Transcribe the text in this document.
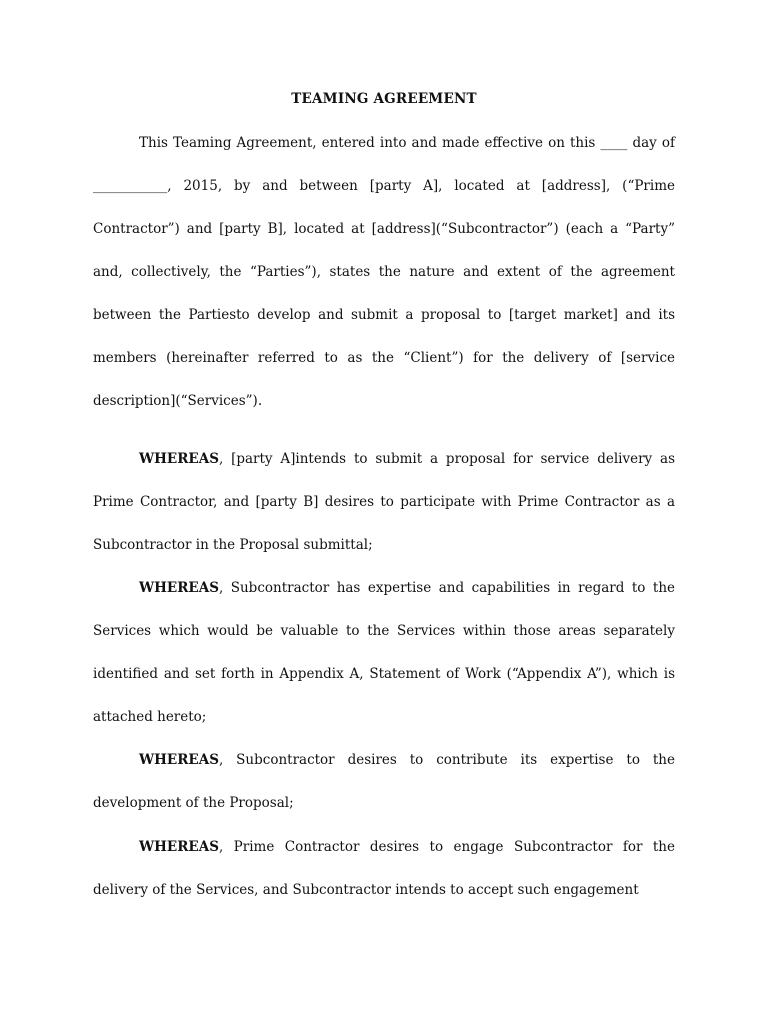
TEAMING AGREEMENT

This Teaming Agreement, entered into and made effective on this ____ day of ___________, 2015, by and between [party A], located at [address], (“Prime Contractor”) and [party B], located at [address](“Subcontractor”) (each a “Party” and, collectively, the “Parties”), states the nature and extent of the agreement between the Partiesto develop and submit a proposal to [target market] and its members (hereinafter referred to as the “Client”) for the delivery of [service description](“Services”).

WHEREAS, [party A]intends to submit a proposal for service delivery as Prime Contractor, and [party B] desires to participate with Prime Contractor as a Subcontractor in the Proposal submittal;

WHEREAS, Subcontractor has expertise and capabilities in regard to the Services which would be valuable to the Services within those areas separately identified and set forth in Appendix A, Statement of Work (“Appendix A”), which is attached hereto;

WHEREAS, Subcontractor desires to contribute its expertise to the development of the Proposal;

WHEREAS, Prime Contractor desires to engage Subcontractor for the delivery of the Services, and Subcontractor intends to accept such engagement
